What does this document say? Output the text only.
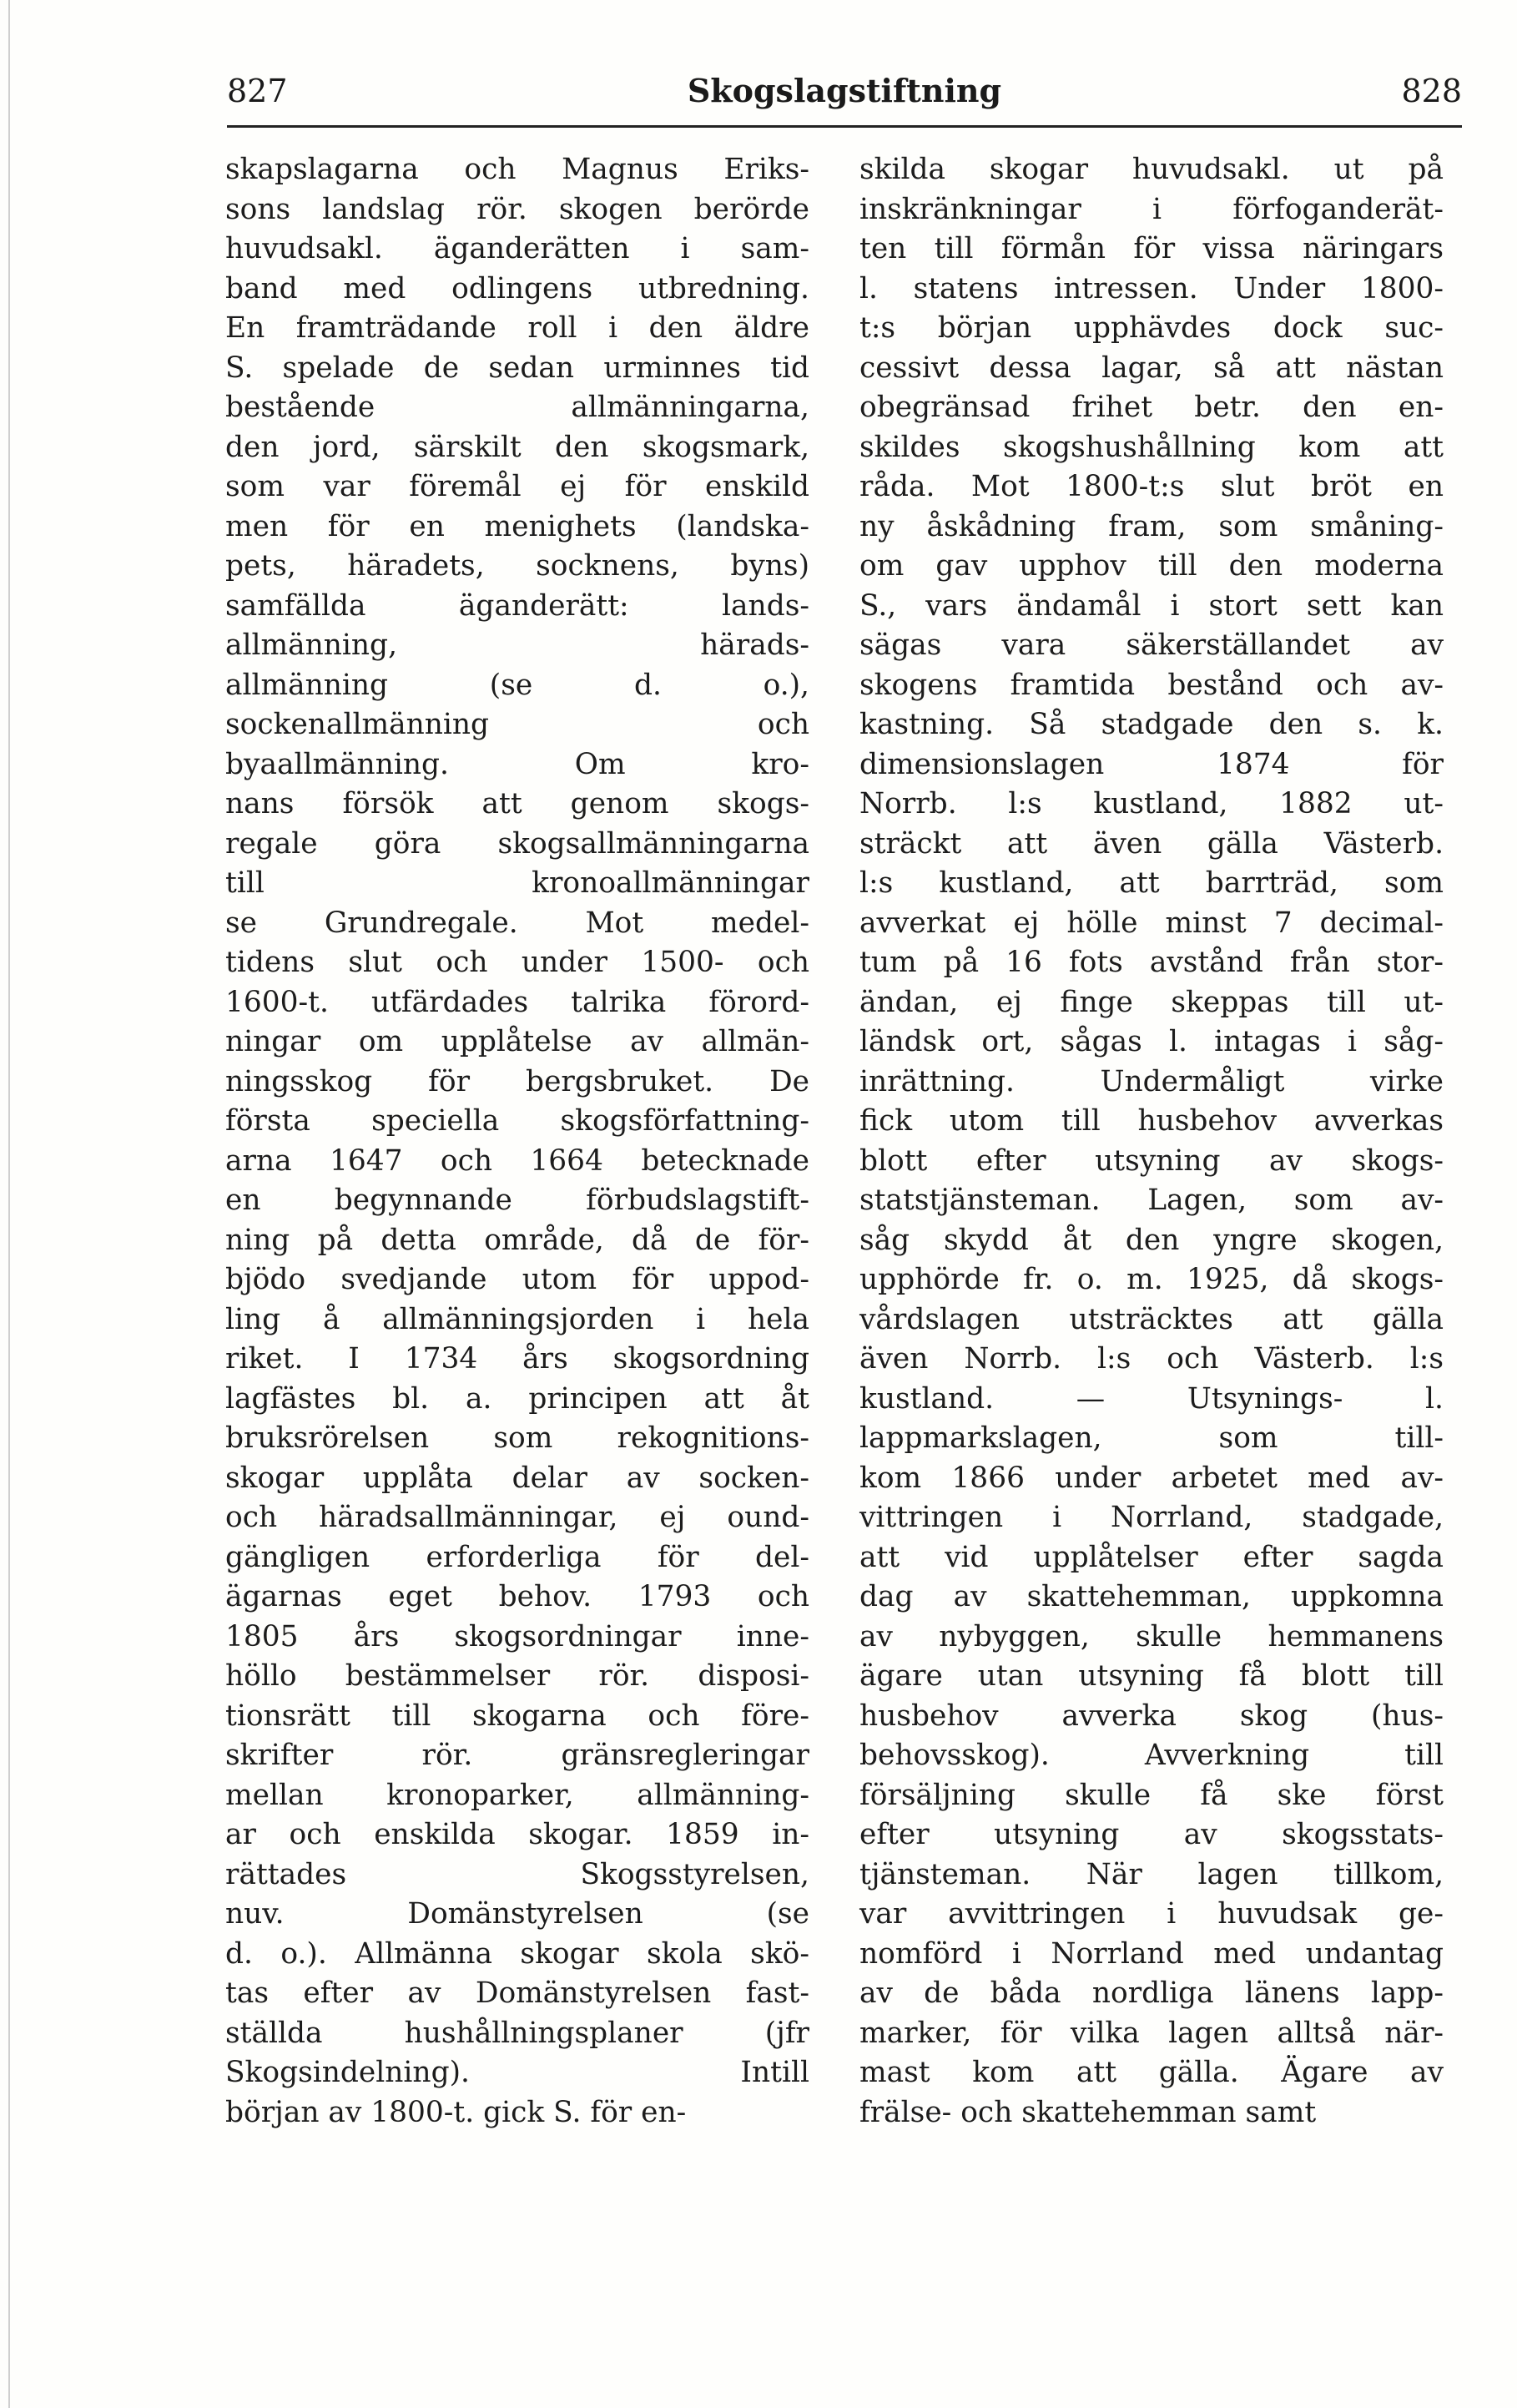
827	Skogslagstiftning	828
skapslagarna och Magnus Eriks-
sons landslag rör. skogen berörde
huvudsakl. äganderätten i sam-
band med odlingens utbredning.
En framträdande roll i den äldre
S. spelade de sedan urminnes tid
bestående allmänningarna,
den jord, särskilt den skogsmark,
som var föremål ej för enskild
men för en menighets (landska-
pets, häradets, socknens, byns)
samfällda äganderätt: lands-
allmänning, härads-
allmänning (se d. o.),
sockenallmänning och
byaallmänning. Om kro-
nans försök att genom skogs-
regale göra skogsallmänningarna
till kronoallmänningar
se Grundregale. Mot medel-
tidens slut och under 1500- och
1600-t. utfärdades talrika förord-
ningar om upplåtelse av allmän-
ningsskog för bergsbruket. De
första speciella skogsförfattning-
arna 1647 och 1664 betecknade
en begynnande förbudslagstift-
ning på detta område, då de för-
bjödo svedjande utom för uppod-
ling å allmänningsjorden i hela
riket. I 1734 års skogsordning
lagfästes bl. a. principen att åt
bruksrörelsen som rekognitions-
skogar upplåta delar av socken-
och häradsallmänningar, ej ound-
gängligen erforderliga för del-
ägarnas eget behov. 1793 och
1805 års skogsordningar inne-
höllo bestämmelser rör. disposi-
tionsrätt till skogarna och före-
skrifter rör. gränsregleringar
mellan kronoparker, allmänning-
ar och enskilda skogar. 1859 in-
rättades Skogsstyrelsen,
nuv. Domänstyrelsen (se
d. o.). Allmänna skogar skola skö-
tas efter av Domänstyrelsen fast-
ställda hushållningsplaner (jfr
Skogsindelning). Intill
början av 1800-t. gick S. för en-
skilda skogar huvudsakl. ut på
inskränkningar i förfoganderät-
ten till förmån för vissa näringars
l. statens intressen. Under 1800-
t:s början upphävdes dock suc-
cessivt dessa lagar, så att nästan
obegränsad frihet betr. den en-
skildes skogshushållning kom att
råda. Mot 1800-t:s slut bröt en
ny åskådning fram, som småning-
om gav upphov till den moderna
S., vars ändamål i stort sett kan
sägas vara säkerställandet av
skogens framtida bestånd och av-
kastning. Så stadgade den s. k.
dimensionslagen 1874 för
Norrb. l:s kustland, 1882 ut-
sträckt att även gälla Västerb.
l:s kustland, att barrträd, som
avverkat ej hölle minst 7 decimal-
tum på 16 fots avstånd från stor-
ändan, ej finge skeppas till ut-
ländsk ort, sågas l. intagas i såg-
inrättning. Undermåligt virke
fick utom till husbehov avverkas
blott efter utsyning av skogs-
statstjänsteman. Lagen, som av-
såg skydd åt den yngre skogen,
upphörde fr. o. m. 1925, då skogs-
vårdslagen utsträcktes att gälla
även Norrb. l:s och Västerb. l:s
kustland. — Utsynings- l.
lappmarkslagen, som till-
kom 1866 under arbetet med av-
vittringen i Norrland, stadgade,
att vid upplåtelser efter sagda
dag av skattehemman, uppkomna
av nybyggen, skulle hemmanens
ägare utan utsyning få blott till
husbehov avverka skog (hus-
behovsskog). Avverkning till
försäljning skulle få ske först
efter utsyning av skogsstats-
tjänsteman. När lagen tillkom,
var avvittringen i huvudsak ge-
nomförd i Norrland med undantag
av de båda nordliga länens lapp-
marker, för vilka lagen alltså när-
mast kom att gälla. Ägare av
frälse- och skattehemman samt
